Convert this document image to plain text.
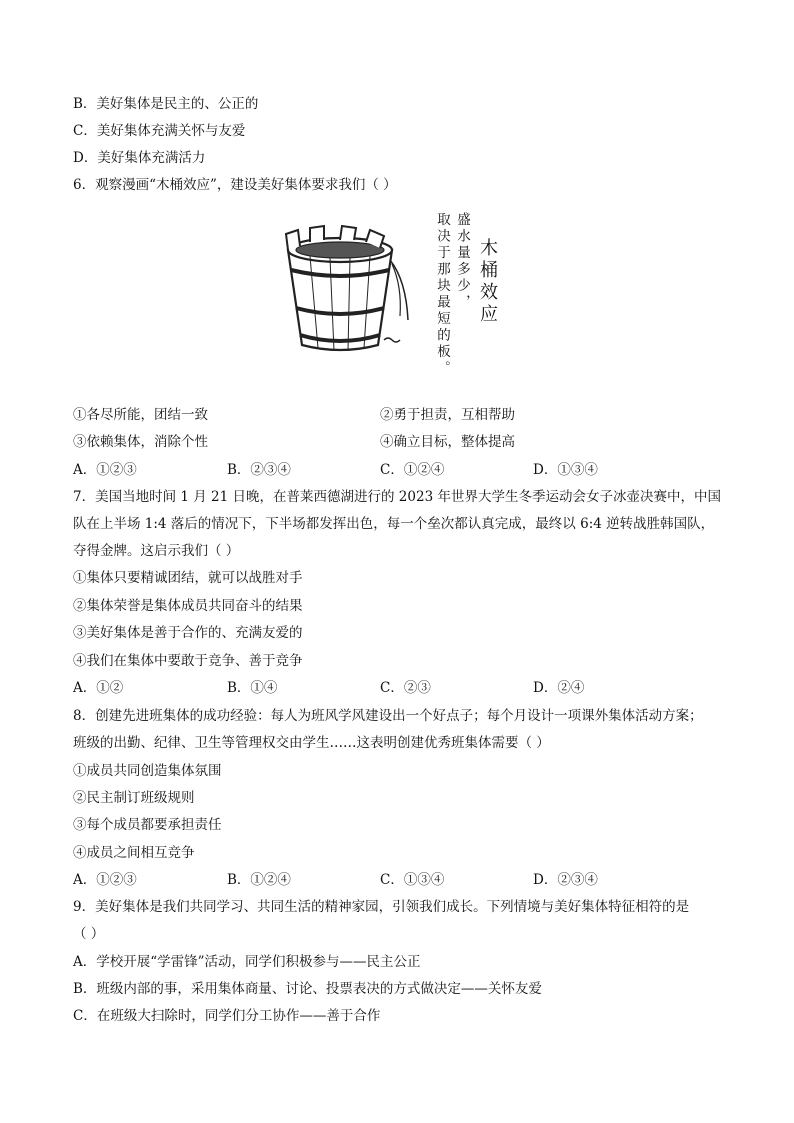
B．美好集体是民主的、公正的
C．美好集体充满关怀与友爱
D．美好集体充满活力
6．观察漫画“木桶效应”，建设美好集体要求我们（ ）
取决于那块最短的板。 盛水量多少， 木桶效应
①各尽所能，团结一致	②勇于担责，互相帮助
③依赖集体，消除个性	④确立目标，整体提高
A．①②③	B．②③④	C．①②④	D．①③④
7．美国当地时间 1 月 21 日晚，在普莱西德湖进行的 2023 年世界大学生冬季运动会女子冰壶决赛中，中国
队在上半场 1:4 落后的情况下，下半场都发挥出色，每一个垒次都认真完成，最终以 6:4 逆转战胜韩国队，
夺得金牌。这启示我们（ ）
①集体只要精诚团结，就可以战胜对手
②集体荣誉是集体成员共同奋斗的结果
③美好集体是善于合作的、充满友爱的
④我们在集体中要敢于竞争、善于竞争
A．①②	B．①④	C．②③	D．②④
8．创建先进班集体的成功经验：每人为班风学风建设出一个好点子；每个月设计一项课外集体活动方案；
班级的出勤、纪律、卫生等管理权交由学生……这表明创建优秀班集体需要（ ）
①成员共同创造集体氛围
②民主制订班级规则
③每个成员都要承担责任
④成员之间相互竞争
A．①②③	B．①②④	C．①③④	D．②③④
9．美好集体是我们共同学习、共同生活的精神家园，引领我们成长。下列情境与美好集体特征相符的是
（ ）
A．学校开展“学雷锋”活动，同学们积极参与——民主公正
B．班级内部的事，采用集体商量、讨论、投票表决的方式做决定——关怀友爱
C．在班级大扫除时，同学们分工协作——善于合作
